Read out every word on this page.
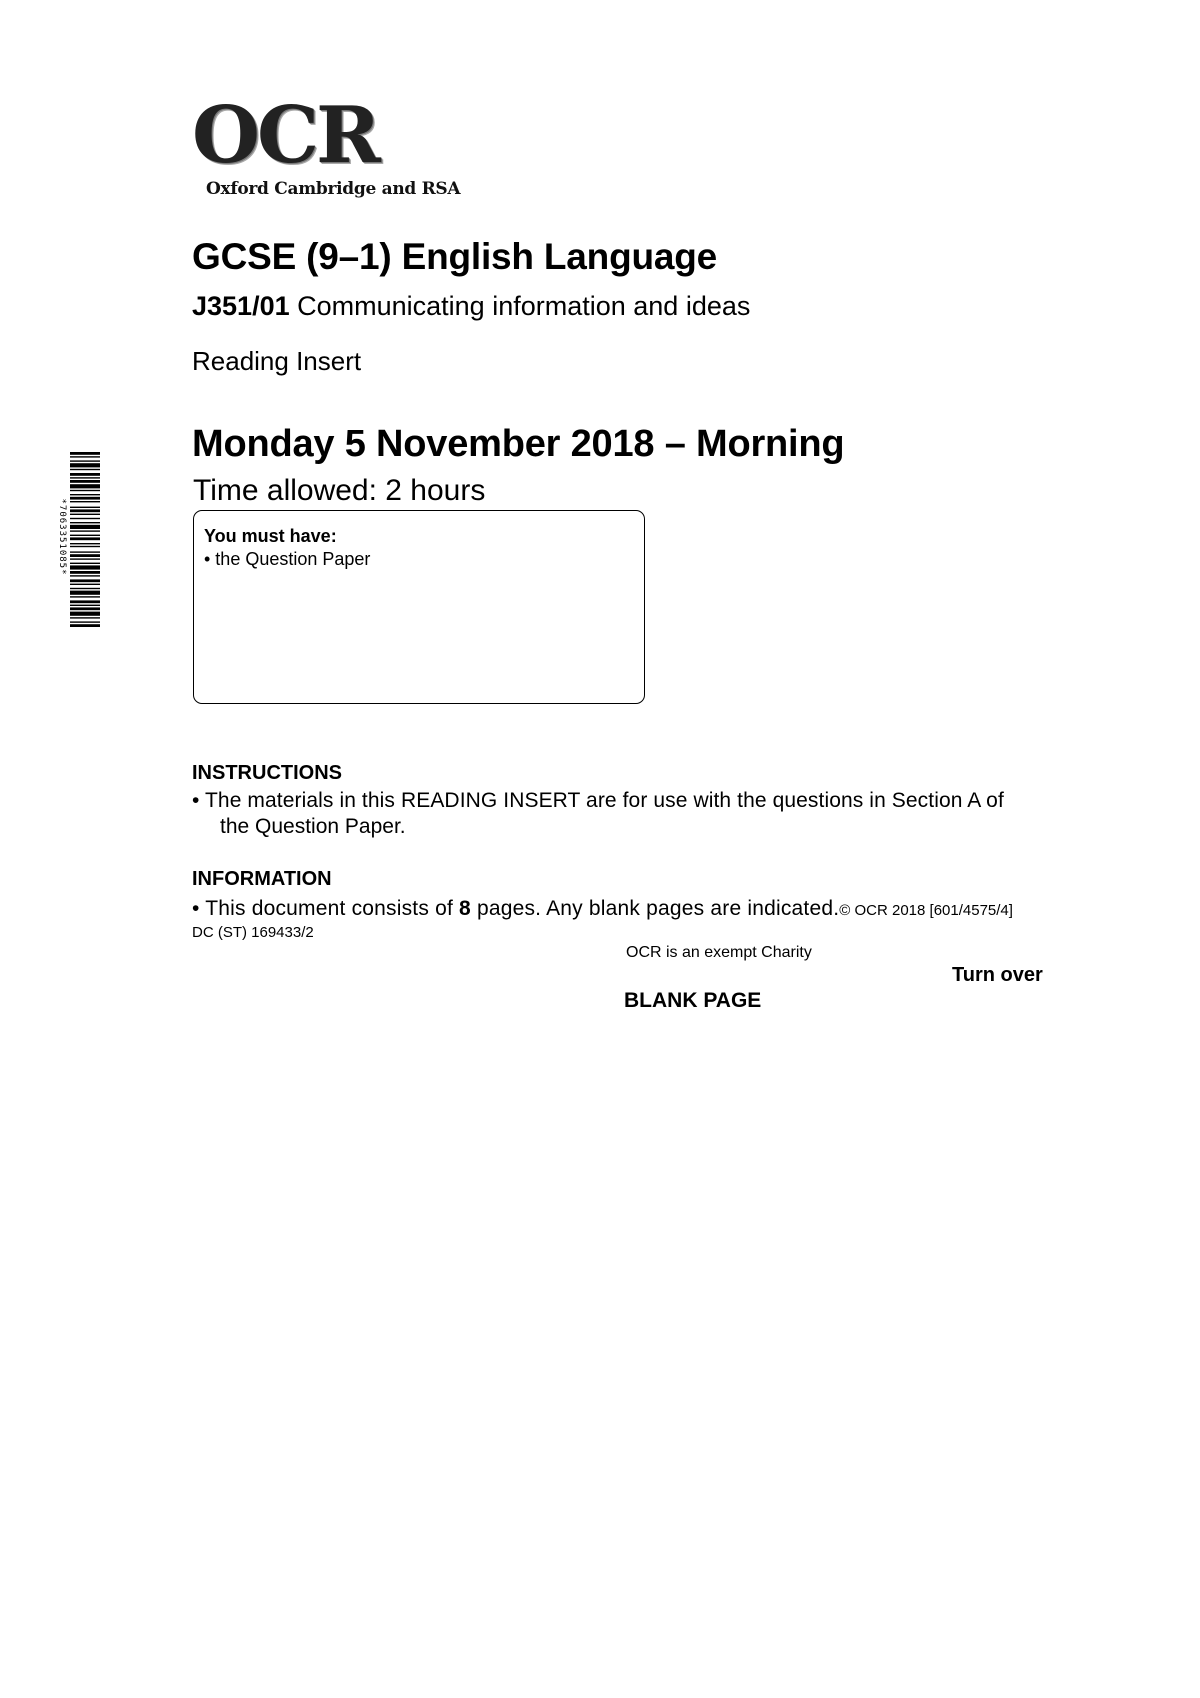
OCR
Oxford Cambridge and RSA
*7063351085*
GCSE (9–1) English Language
J351/01 Communicating information and ideas
Reading Insert
Monday 5 November 2018 – Morning
Time allowed: 2 hours
You must have:
• the Question Paper
INSTRUCTIONS
• The materials in this READING INSERT are for use with the questions in Section A of
the Question Paper.
INFORMATION
• This document consists of 8 pages. Any blank pages are indicated.© OCR 2018 [601/4575/4]
DC (ST) 169433/2
OCR is an exempt Charity
Turn over
BLANK PAGE
